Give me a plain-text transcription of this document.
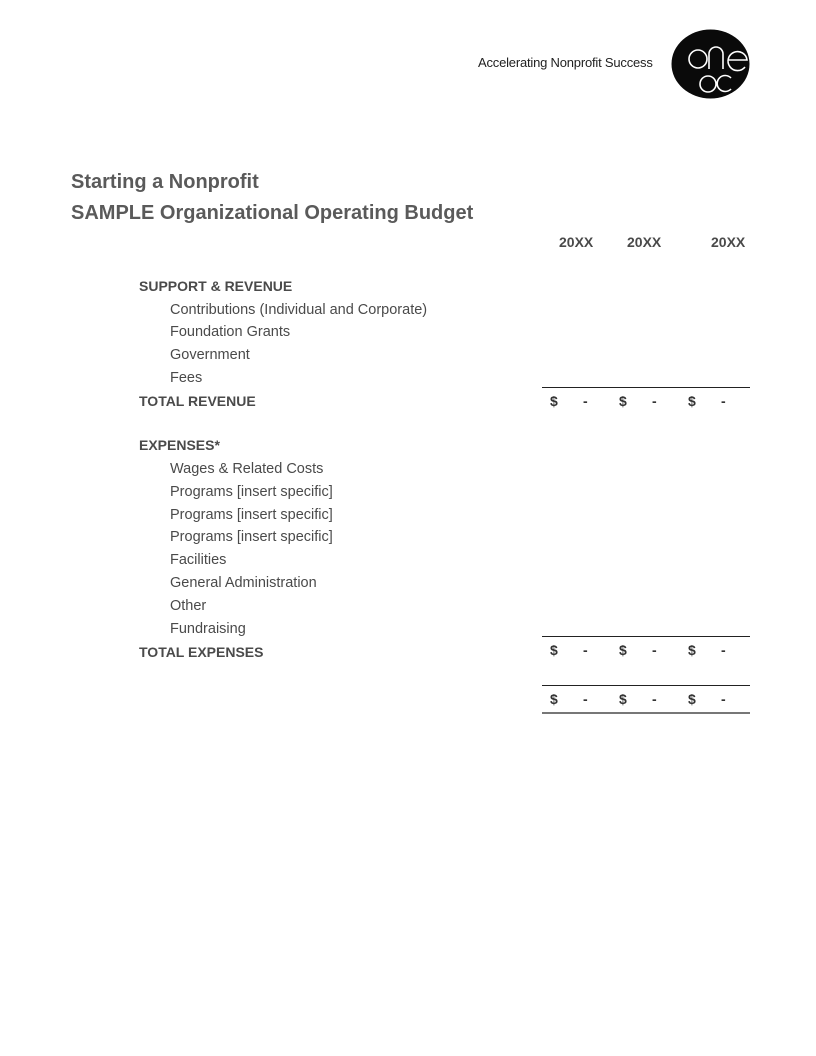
Accelerating Nonprofit Success
Starting a Nonprofit
SAMPLE Organizational Operating Budget
20XX 20XX	20XX
SUPPORT & REVENUE
Contributions (Individual and Corporate)
Foundation Grants
Government
Fees
TOTAL REVENUE	$ - $ - $ -
EXPENSES*
Wages & Related Costs
Programs [insert specific]
Programs [insert specific]
Programs [insert specific]
Facilities
General Administration
Other
Fundraising
TOTAL EXPENSES	$ - $ - $ -
$ - $ - $ -
